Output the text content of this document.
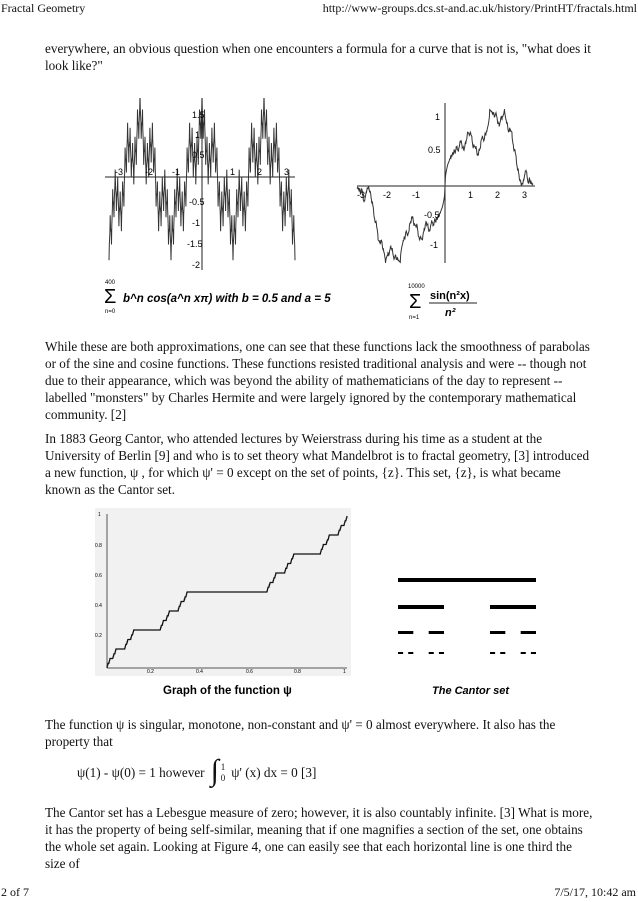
Fractal Geometry	http://www-groups.dcs.st-and.ac.uk/history/PrintHT/fractals.html

everywhere, an obvious question when one encounters a formula for a curve that is not is, "what does it look like?"

-3 -2 -1	1 2 3
1.5
1
0.5
-0.5
-1
-1.5
-2
-3 -2 -1	1 2 3
1
0.5
-0.5
-1
400
Σ
n=0
b^n cos(a^n xπ) with b = 0.5 and a = 5
10000
Σ
n=1
sin(n²x)
n²

While these are both approximations, one can see that these functions lack the smoothness of parabolas or of the sine and cosine functions. These functions resisted traditional analysis and were -- though not due to their appearance, which was beyond the ability of mathematicians of the day to represent -- labelled "monsters" by Charles Hermite and were largely ignored by the contemporary mathematical community. [2]

In 1883 Georg Cantor, who attended lectures by Weierstrass during his time as a student at the University of Berlin [9] and who is to set theory what Mandelbrot is to fractal geometry, [3] introduced a new function, ψ , for which ψ' = 0 except on the set of points, {z}. This set, {z}, is what became known as the Cantor set.

0.2	0.4	0.6	0.8	1
1
0.8
0.6
0.4
0.2
Graph of the function ψ	The Cantor set

The function ψ is singular, monotone, non-constant and ψ' = 0 almost everywhere. It also has the property that

ψ(1) - ψ(0) = 1 however ∫ 1
0 ψ' (x) dx = 0 [3]

The Cantor set has a Lebesgue measure of zero; however, it is also countably infinite. [3] What is more, it has the property of being self-similar, meaning that if one magnifies a section of the set, one obtains the whole set again. Looking at Figure 4, one can easily see that each horizontal line is one third the size of

2 of 7	7/5/17, 10:42 am
